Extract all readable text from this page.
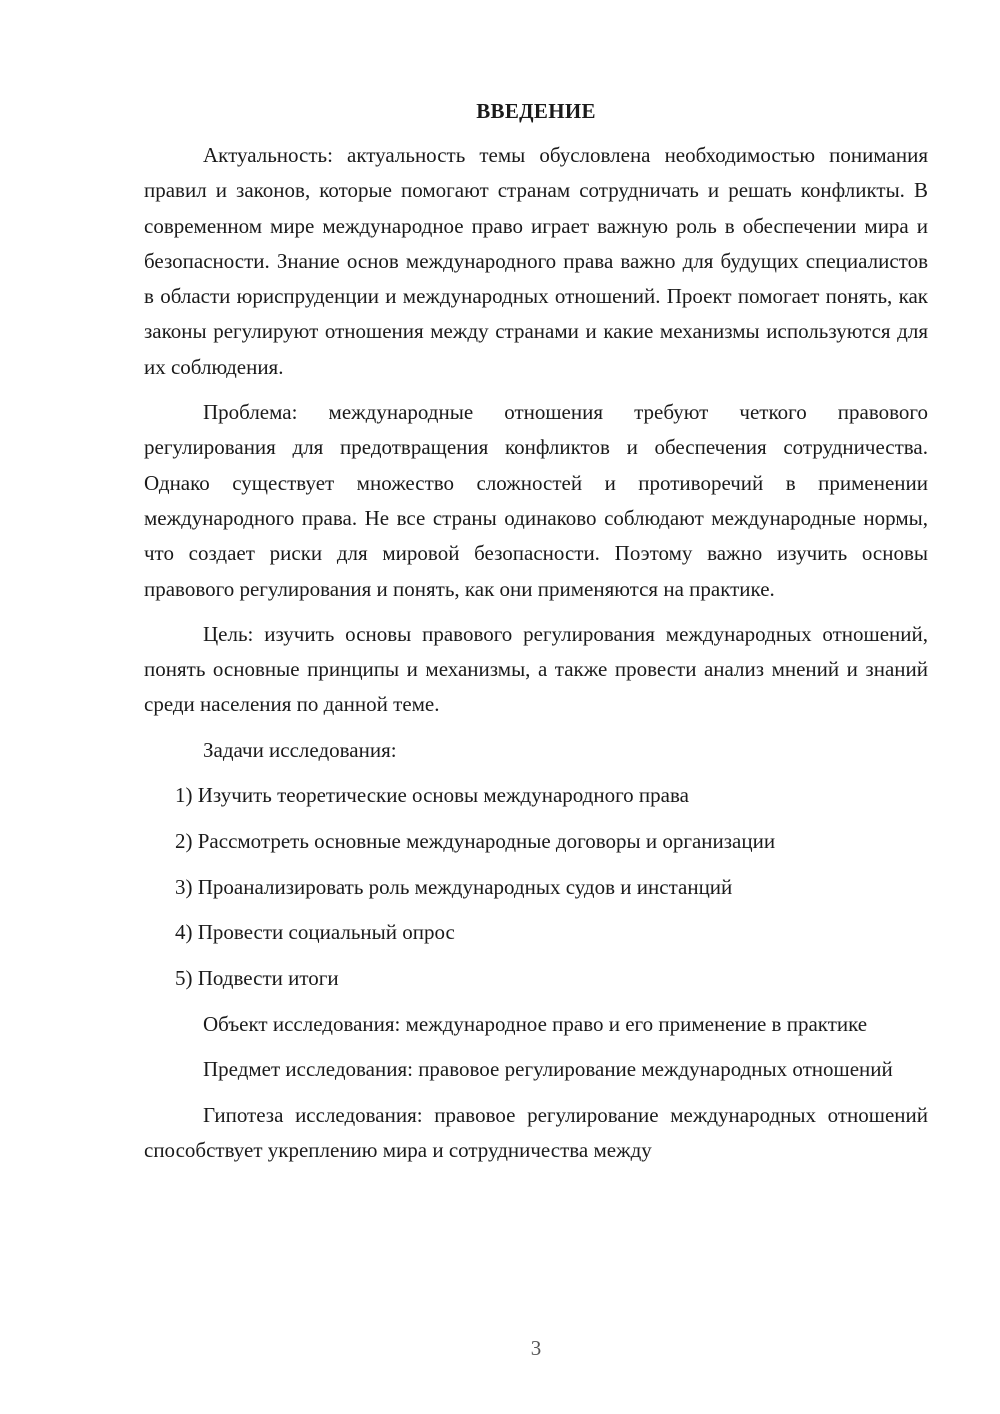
ВВЕДЕНИЕ

Актуальность: актуальность темы обусловлена необходимостью понимания правил и законов, которые помогают странам сотрудничать и решать конфликты. В современном мире международное право играет важную роль в обеспечении мира и безопасности. Знание основ международного права важно для будущих специалистов в области юриспруденции и международных отношений. Проект помогает понять, как законы регулируют отношения между странами и какие механизмы используются для их соблюдения.

Проблема: международные отношения требуют четкого правового регулирования для предотвращения конфликтов и обеспечения сотрудничества. Однако существует множество сложностей и противоречий в применении международного права. Не все страны одинаково соблюдают международные нормы, что создает риски для мировой безопасности. Поэтому важно изучить основы правового регулирования и понять, как они применяются на практике.

Цель: изучить основы правового регулирования международных отношений, понять основные принципы и механизмы, а также провести анализ мнений и знаний среди населения по данной теме.

Задачи исследования:

1) Изучить теоретические основы международного права

2) Рассмотреть основные международные договоры и организации

3) Проанализировать роль международных судов и инстанций

4) Провести социальный опрос

5) Подвести итоги

Объект исследования: международное право и его применение в практике

Предмет исследования: правовое регулирование международных отношений

Гипотеза исследования: правовое регулирование международных отношений способствует укреплению мира и сотрудничества между

3
